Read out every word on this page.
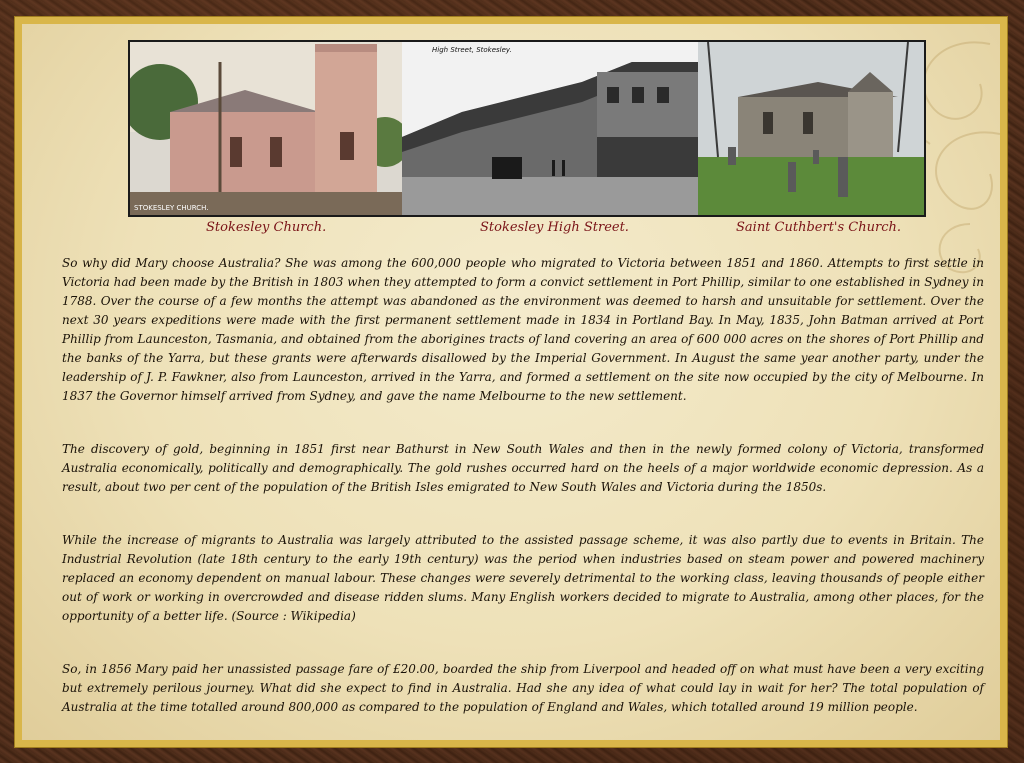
STOKESLEY CHURCH.
High Street, Stokesley.
Stokesley Church.	Stokesley High Street.	Saint Cuthbert's Church.

So why did Mary choose Australia? She was among the 600,000 people who migrated to Victoria between 1851 and 1860. Attempts to first settle in Victoria had been made by the British in 1803 when they attempted to form a convict settlement in Port Phillip, similar to one established in Sydney in 1788. Over the course of a few months the attempt was abandoned as the environment was deemed to harsh and unsuitable for settlement. Over the next 30 years expeditions were made with the first permanent settlement made in 1834 in Portland Bay. In May, 1835, John Batman arrived at Port Phillip from Launceston, Tasmania, and obtained from the aborigines tracts of land covering an area of 600 000 acres on the shores of Port Phillip and the banks of the Yarra, but these grants were afterwards disallowed by the Imperial Government. In August the same year another party, under the leadership of J. P. Fawkner, also from Launceston, arrived in the Yarra, and formed a settlement on the site now occupied by the city of Melbourne. In 1837 the Governor himself arrived from Sydney, and gave the name Melbourne to the new settlement.

The discovery of gold, beginning in 1851 first near Bathurst in New South Wales and then in the newly formed colony of Victoria, transformed Australia economically, politically and demographically. The gold rushes occurred hard on the heels of a major worldwide economic depression. As a result, about two per cent of the population of the British Isles emigrated to New South Wales and Victoria during the 1850s.

While the increase of migrants to Australia was largely attributed to the assisted passage scheme, it was also partly due to events in Britain. The Industrial Revolution (late 18th century to the early 19th century) was the period when industries based on steam power and powered machinery replaced an economy dependent on manual labour. These changes were severely detrimental to the working class, leaving thousands of people either out of work or working in overcrowded and disease ridden slums. Many English workers decided to migrate to Australia, among other places, for the opportunity of a better life. (Source : Wikipedia)

So, in 1856 Mary paid her unassisted passage fare of £20.00, boarded the ship from Liverpool and headed off on what must have been a very exciting but extremely perilous journey. What did she expect to find in Australia. Had she any idea of what could lay in wait for her? The total population of Australia at the time totalled around 800,000 as compared to the population of England and Wales, which totalled around 19 million people.
